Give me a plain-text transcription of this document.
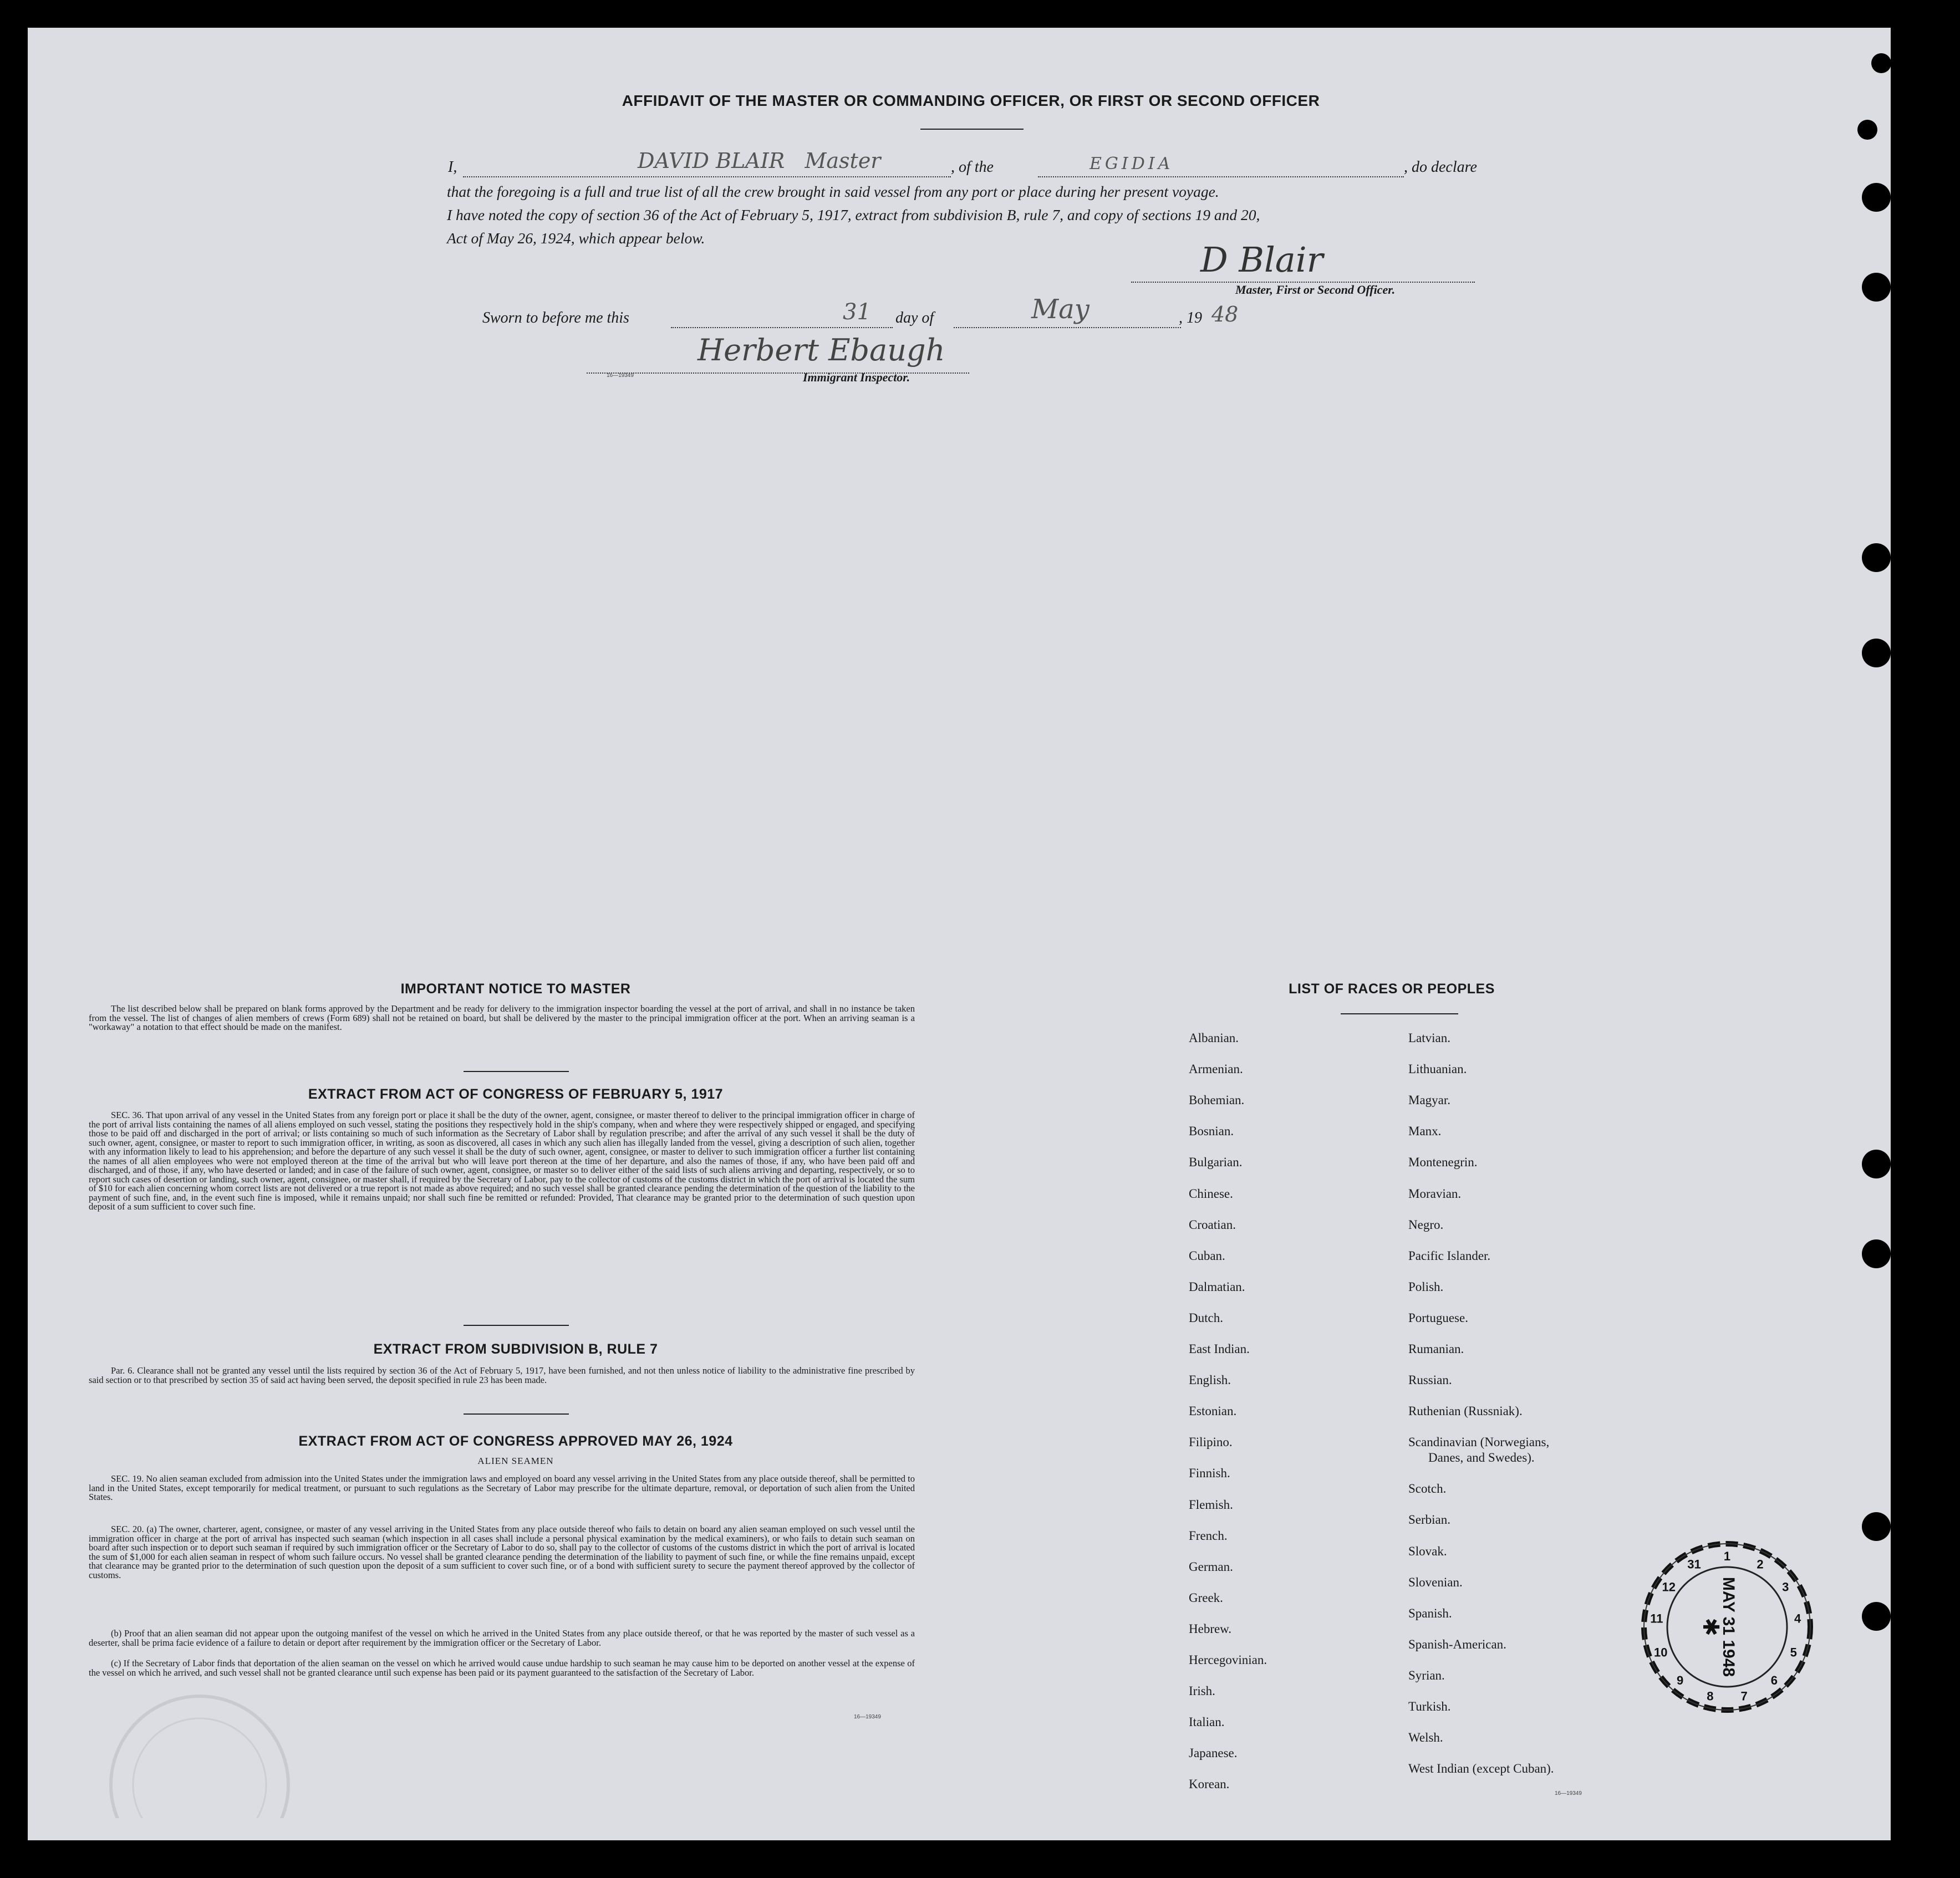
AFFIDAVIT OF THE MASTER OR COMMANDING OFFICER, OR FIRST OR SECOND OFFICER
I,	DAVID BLAIR   Master	, of the	EGIDIA	, do declare
that the foregoing is a full and true list of all the crew brought in said vessel from any port or place during her present voyage.
I have noted the copy of section 36 of the Act of February 5, 1917, extract from subdivision B, rule 7, and copy of sections 19 and 20,
Act of May 26, 1924, which appear below.
D Blair
Master, First or Second Officer.
Sworn to before me this	31 day of	May	, 19 48
Herbert Ebaugh
16—19349	Immigrant Inspector.
IMPORTANT NOTICE TO MASTER
The list described below shall be prepared on blank forms approved by the Department and be ready for delivery to the immigration inspector boarding the vessel at the port of arrival, and shall in no instance be taken from the vessel. The list of changes of alien members of crews (Form 689) shall not be retained on board, but shall be delivered by the master to the principal immigration officer at the port. When an arriving seaman is a "workaway" a notation to that effect should be made on the manifest.
EXTRACT FROM ACT OF CONGRESS OF FEBRUARY 5, 1917
SEC. 36. That upon arrival of any vessel in the United States from any foreign port or place it shall be the duty of the owner, agent, consignee, or master thereof to deliver to the principal immigration officer in charge of the port of arrival lists containing the names of all aliens employed on such vessel, stating the positions they respectively hold in the ship's company, when and where they were respectively shipped or engaged, and specifying those to be paid off and discharged in the port of arrival; or lists containing so much of such information as the Secretary of Labor shall by regulation prescribe; and after the arrival of any such vessel it shall be the duty of such owner, agent, consignee, or master to report to such immigration officer, in writing, as soon as discovered, all cases in which any such alien has illegally landed from the vessel, giving a description of such alien, together with any information likely to lead to his apprehension; and before the departure of any such vessel it shall be the duty of such owner, agent, consignee, or master to deliver to such immigration officer a further list containing the names of all alien employees who were not employed thereon at the time of the arrival but who will leave port thereon at the time of her departure, and also the names of those, if any, who have been paid off and discharged, and of those, if any, who have deserted or landed; and in case of the failure of such owner, agent, consignee, or master so to deliver either of the said lists of such aliens arriving and departing, respectively, or so to report such cases of desertion or landing, such owner, agent, consignee, or master shall, if required by the Secretary of Labor, pay to the collector of customs of the customs district in which the port of arrival is located the sum of $10 for each alien concerning whom correct lists are not delivered or a true report is not made as above required; and no such vessel shall be granted clearance pending the determination of the question of the liability to the payment of such fine, and, in the event such fine is imposed, while it remains unpaid; nor shall such fine be remitted or refunded: Provided, That clearance may be granted prior to the determination of such question upon deposit of a sum sufficient to cover such fine.
EXTRACT FROM SUBDIVISION B, RULE 7
Par. 6. Clearance shall not be granted any vessel until the lists required by section 36 of the Act of February 5, 1917, have been furnished, and not then unless notice of liability to the administrative fine prescribed by said section or to that prescribed by section 35 of said act having been served, the deposit specified in rule 23 has been made.
EXTRACT FROM ACT OF CONGRESS APPROVED MAY 26, 1924
ALIEN SEAMEN
SEC. 19. No alien seaman excluded from admission into the United States under the immigration laws and employed on board any vessel arriving in the United States from any place outside thereof, shall be permitted to land in the United States, except temporarily for medical treatment, or pursuant to such regulations as the Secretary of Labor may prescribe for the ultimate departure, removal, or deportation of such alien from the United States.
SEC. 20. (a) The owner, charterer, agent, consignee, or master of any vessel arriving in the United States from any place outside thereof who fails to detain on board any alien seaman employed on such vessel until the immigration officer in charge at the port of arrival has inspected such seaman (which inspection in all cases shall include a personal physical examination by the medical examiners), or who fails to detain such seaman on board after such inspection or to deport such seaman if required by such immigration officer or the Secretary of Labor to do so, shall pay to the collector of customs of the customs district in which the port of arrival is located the sum of $1,000 for each alien seaman in respect of whom such failure occurs. No vessel shall be granted clearance pending the determination of the liability to payment of such fine, or while the fine remains unpaid, except that clearance may be granted prior to the determination of such question upon the deposit of a sum sufficient to cover such fine, or of a bond with sufficient surety to secure the payment thereof approved by the collector of customs.
(b) Proof that an alien seaman did not appear upon the outgoing manifest of the vessel on which he arrived in the United States from any place outside thereof, or that he was reported by the master of such vessel as a deserter, shall be prima facie evidence of a failure to detain or deport after requirement by the immigration officer or the Secretary of Labor.
(c) If the Secretary of Labor finds that deportation of the alien seaman on the vessel on which he arrived would cause undue hardship to such seaman he may cause him to be deported on another vessel at the expense of the vessel on which he arrived, and such vessel shall not be granted clearance until such expense has been paid or its payment guaranteed to the satisfaction of the Secretary of Labor.
16—19349
LIST OF RACES OR PEOPLES
Albanian.
Armenian.
Bohemian.
Bosnian.
Bulgarian.
Chinese.
Croatian.
Cuban.
Dalmatian.
Dutch.
East Indian.
English.
Estonian.
Filipino.
Finnish.
Flemish.
French.
German.
Greek.
Hebrew.
Hercegovinian.
Irish.
Italian.
Japanese.
Korean.
Latvian.
Lithuanian.
Magyar.
Manx.
Montenegrin.
Moravian.
Negro.
Pacific Islander.
Polish.
Portuguese.
Rumanian.
Russian.
Ruthenian (Russniak).
Scandinavian (Norwegians,
Danes, and Swedes).
Scotch.
Serbian.
Slovak.
Slovenian.
Spanish.
Spanish-American.
Syrian.
Turkish.
Welsh.
West Indian (except Cuban).
16—19349
1
2
3
4
5
6
7
8
9
10
11
12
31
MAY 31 1948
✱
